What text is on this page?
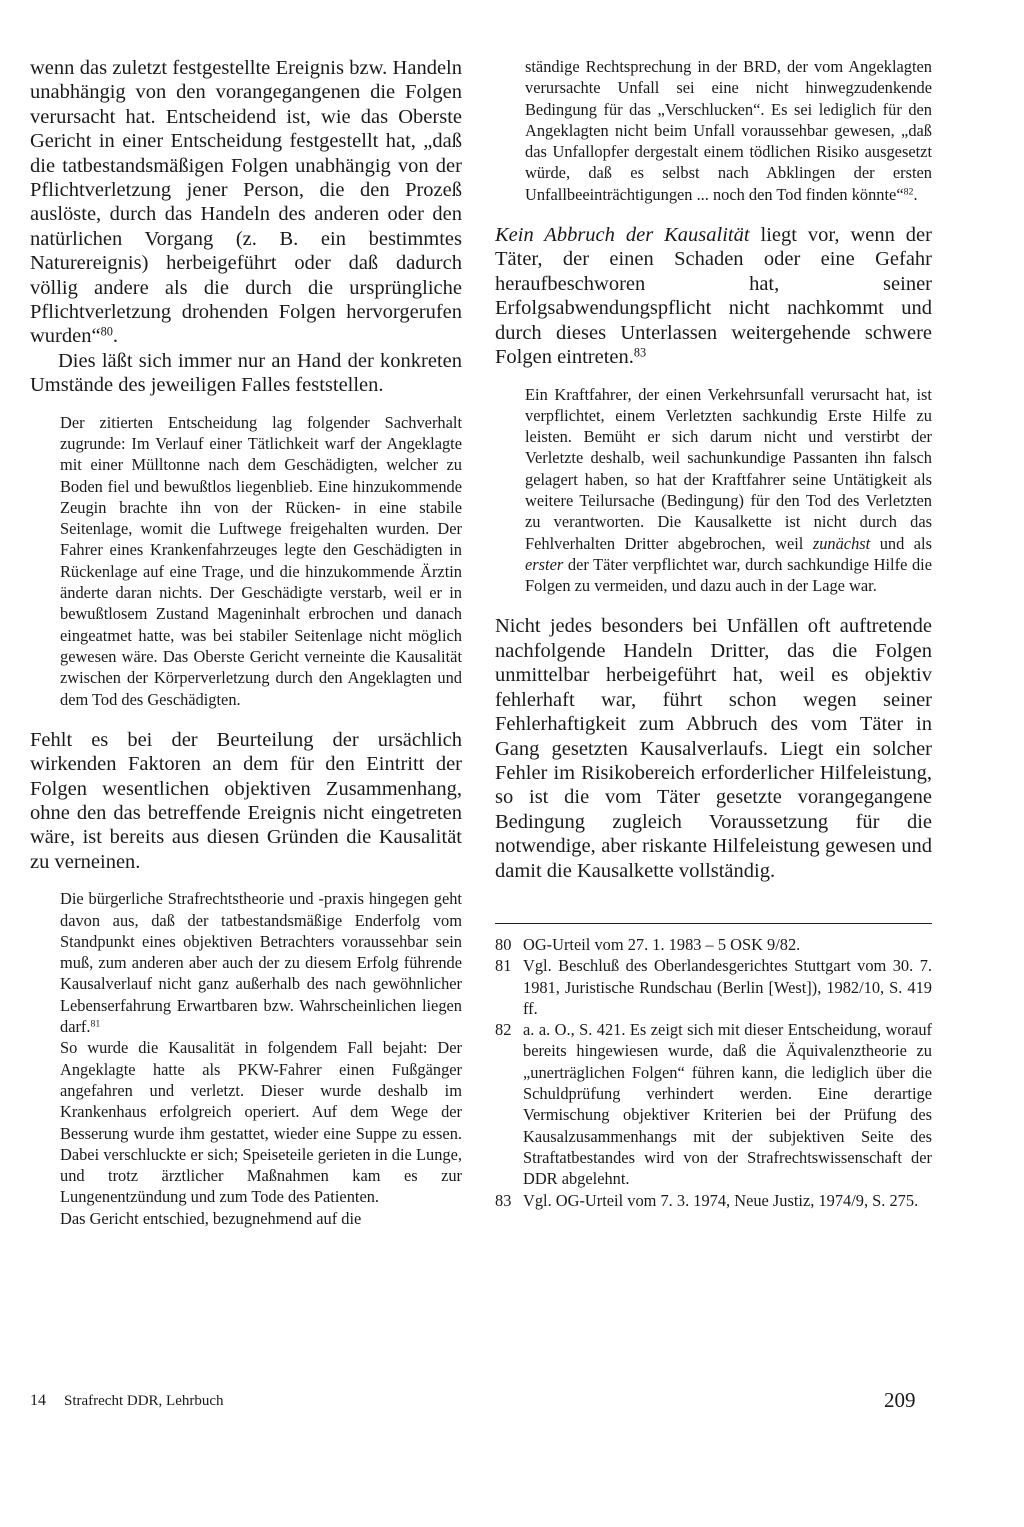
wenn das zuletzt festgestellte Ereignis bzw. Handeln unabhängig von den vorangegangenen die Folgen verursacht hat. Entscheidend ist, wie das Oberste Gericht in einer Entscheidung festgestellt hat, „daß die tatbestandsmäßigen Folgen unabhängig von der Pflichtverletzung jener Person, die den Prozeß auslöste, durch das Handeln des anderen oder den natürlichen Vorgang (z. B. ein bestimmtes Naturereignis) herbeigeführt oder daß dadurch völlig andere als die durch die ursprüngliche Pflichtverletzung drohenden Folgen hervorgerufen wurden“$^{80}$.

Dies läßt sich immer nur an Hand der konkreten Umstände des jeweiligen Falles feststellen.

Der zitierten Entscheidung lag folgender Sachverhalt zugrunde: Im Verlauf einer Tätlichkeit warf der Angeklagte mit einer Mülltonne nach dem Geschädigten, welcher zu Boden fiel und bewußtlos liegenblieb. Eine hinzukommende Zeugin brachte ihn von der Rücken- in eine stabile Seitenlage, womit die Luftwege freigehalten wurden. Der Fahrer eines Krankenfahrzeuges legte den Geschädigten in Rückenlage auf eine Trage, und die hinzukommende Ärztin änderte daran nichts. Der Geschädigte verstarb, weil er in bewußtlosem Zustand Mageninhalt erbrochen und danach eingeatmet hatte, was bei stabiler Seitenlage nicht möglich gewesen wäre. Das Oberste Gericht verneinte die Kausalität zwischen der Körperverletzung durch den Angeklagten und dem Tod des Geschädigten.

Fehlt es bei der Beurteilung der ursächlich wirkenden Faktoren an dem für den Eintritt der Folgen wesentlichen objektiven Zusammenhang, ohne den das betreffende Ereignis nicht eingetreten wäre, ist bereits aus diesen Gründen die Kausalität zu verneinen.

Die bürgerliche Strafrechtstheorie und -praxis hingegen geht davon aus, daß der tatbestandsmäßige Enderfolg vom Standpunkt eines objektiven Betrachters voraussehbar sein muß, zum anderen aber auch der zu diesem Erfolg führende Kausalverlauf nicht ganz außerhalb des nach gewöhnlicher Lebenserfahrung Erwartbaren bzw. Wahrscheinlichen liegen darf.$^{81}$

So wurde die Kausalität in folgendem Fall bejaht: Der Angeklagte hatte als PKW-Fahrer einen Fußgänger angefahren und verletzt. Dieser wurde deshalb im Krankenhaus erfolgreich operiert. Auf dem Wege der Besserung wurde ihm gestattet, wieder eine Suppe zu essen. Dabei verschluckte er sich; Speiseteile gerieten in die Lunge, und trotz ärztlicher Maßnahmen kam es zur Lungenentzündung und zum Tode des Patienten.

Das Gericht entschied, bezugnehmend auf die

ständige Rechtsprechung in der BRD, der vom Angeklagten verursachte Unfall sei eine nicht hinwegzudenkende Bedingung für das „Verschlucken“. Es sei lediglich für den Angeklagten nicht beim Unfall voraussehbar gewesen, „daß das Unfallopfer dergestalt einem tödlichen Risiko ausgesetzt würde, daß es selbst nach Abklingen der ersten Unfallbeeinträchtigungen ... noch den Tod finden könnte“$^{82}$.

Kein Abbruch der Kausalität liegt vor, wenn der Täter, der einen Schaden oder eine Gefahr heraufbeschworen hat, seiner Erfolgsabwendungspflicht nicht nachkommt und durch dieses Unterlassen weitergehende schwere Folgen eintreten.$^{83}$

Ein Kraftfahrer, der einen Verkehrsunfall verursacht hat, ist verpflichtet, einem Verletzten sachkundig Erste Hilfe zu leisten. Bemüht er sich darum nicht und verstirbt der Verletzte deshalb, weil sachunkundige Passanten ihn falsch gelagert haben, so hat der Kraftfahrer seine Untätigkeit als weitere Teilursache (Bedingung) für den Tod des Verletzten zu verantworten. Die Kausalkette ist nicht durch das Fehlverhalten Dritter abgebrochen, weil zunächst und als erster der Täter verpflichtet war, durch sachkundige Hilfe die Folgen zu vermeiden, und dazu auch in der Lage war.

Nicht jedes besonders bei Unfällen oft auftretende nachfolgende Handeln Dritter, das die Folgen unmittelbar herbeigeführt hat, weil es objektiv fehlerhaft war, führt schon wegen seiner Fehlerhaftigkeit zum Abbruch des vom Täter in Gang gesetzten Kausalverlaufs. Liegt ein solcher Fehler im Risikobereich erforderlicher Hilfeleistung, so ist die vom Täter gesetzte vorangegangene Bedingung zugleich Voraussetzung für die notwendige, aber riskante Hilfeleistung gewesen und damit die Kausalkette vollständig.

80 OG-Urteil vom 27. 1. 1983 – 5 OSK 9/82.
81 Vgl. Beschluß des Oberlandesgerichtes Stuttgart vom 30. 7. 1981, Juristische Rundschau (Berlin [West]), 1982/10, S. 419 ff.
82 a. a. O., S. 421. Es zeigt sich mit dieser Entscheidung, worauf bereits hingewiesen wurde, daß die Äquivalenztheorie zu „unerträglichen Folgen“ führen kann, die lediglich über die Schuldprüfung verhindert werden. Eine derartige Vermischung objektiver Kriterien bei der Prüfung des Kausalzusammenhangs mit der subjektiven Seite des Straftatbestandes wird von der Strafrechtswissenschaft der DDR abgelehnt.
83 Vgl. OG-Urteil vom 7. 3. 1974, Neue Justiz, 1974/9, S. 275.
14 Strafrecht DDR, Lehrbuch	209
